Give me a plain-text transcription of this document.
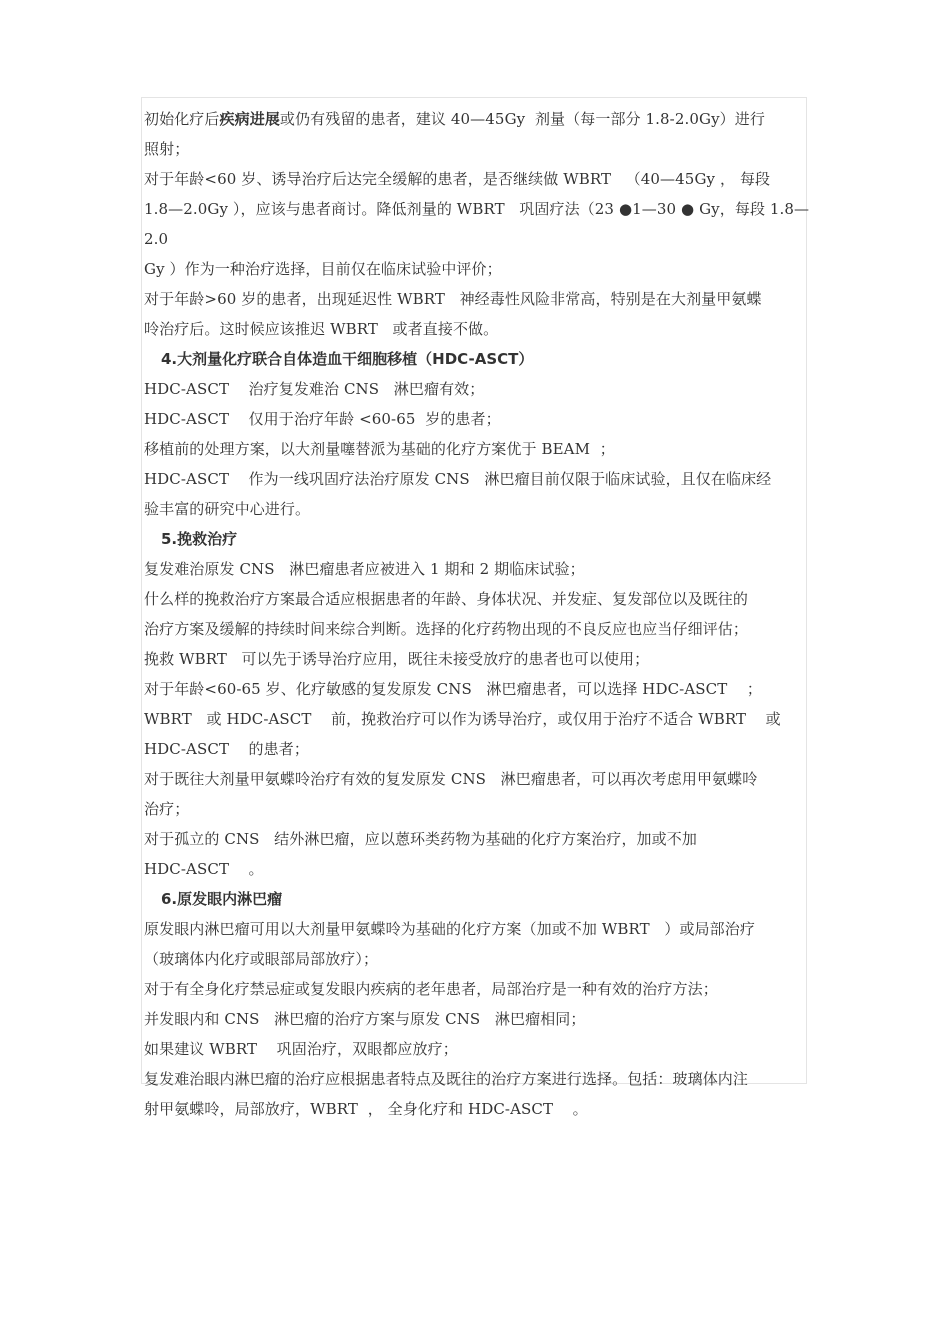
初始化疗后疾病进展或仍有残留的患者，建议 40—45Gy  剂量（每一部分 1.8-2.0Gy）进行

照射；

对于年龄<60 岁、诱导治疗后达完全缓解的患者，是否继续做 WBRT   （40—45Gy ， 每段

1.8—2.0Gy ），应该与患者商讨。降低剂量的 WBRT   巩固疗法（23 ●1—30 ● Gy，每段 1.8—2.0

Gy ）作为一种治疗选择，目前仅在临床试验中评价；

对于年龄>60 岁的患者，出现延迟性 WBRT   神经毒性风险非常高，特别是在大剂量甲氨蝶

呤治疗后。这时候应该推迟 WBRT   或者直接不做。

4.大剂量化疗联合自体造血干细胞移植（HDC-ASCT）

HDC-ASCT    治疗复发难治 CNS   淋巴瘤有效；

HDC-ASCT    仅用于治疗年龄 <60-65  岁的患者；

移植前的处理方案，以大剂量噻替派为基础的化疗方案优于 BEAM  ；

HDC-ASCT    作为一线巩固疗法治疗原发 CNS   淋巴瘤目前仅限于临床试验，且仅在临床经

验丰富的研究中心进行。

5.挽救治疗

复发难治原发 CNS   淋巴瘤患者应被进入 1 期和 2 期临床试验；

什么样的挽救治疗方案最合适应根据患者的年龄、身体状况、并发症、复发部位以及既往的

治疗方案及缓解的持续时间来综合判断。选择的化疗药物出现的不良反应也应当仔细评估；

挽救 WBRT   可以先于诱导治疗应用，既往未接受放疗的患者也可以使用；

对于年龄<60-65 岁、化疗敏感的复发原发 CNS   淋巴瘤患者，可以选择 HDC-ASCT    ；

WBRT   或 HDC-ASCT    前，挽救治疗可以作为诱导治疗，或仅用于治疗不适合 WBRT    或

HDC-ASCT    的患者；

对于既往大剂量甲氨蝶呤治疗有效的复发原发 CNS   淋巴瘤患者，可以再次考虑用甲氨蝶呤

治疗；

对于孤立的 CNS   结外淋巴瘤，应以蒽环类药物为基础的化疗方案治疗，加或不加

HDC-ASCT    。

6.原发眼内淋巴瘤

原发眼内淋巴瘤可用以大剂量甲氨蝶呤为基础的化疗方案（加或不加 WBRT   ）或局部治疗

（玻璃体内化疗或眼部局部放疗）；

对于有全身化疗禁忌症或复发眼内疾病的老年患者，局部治疗是一种有效的治疗方法；

并发眼内和 CNS   淋巴瘤的治疗方案与原发 CNS   淋巴瘤相同；

如果建议 WBRT    巩固治疗，双眼都应放疗；

复发难治眼内淋巴瘤的治疗应根据患者特点及既往的治疗方案进行选择。包括：玻璃体内注

射甲氨蝶呤，局部放疗，WBRT  ， 全身化疗和 HDC-ASCT    。
